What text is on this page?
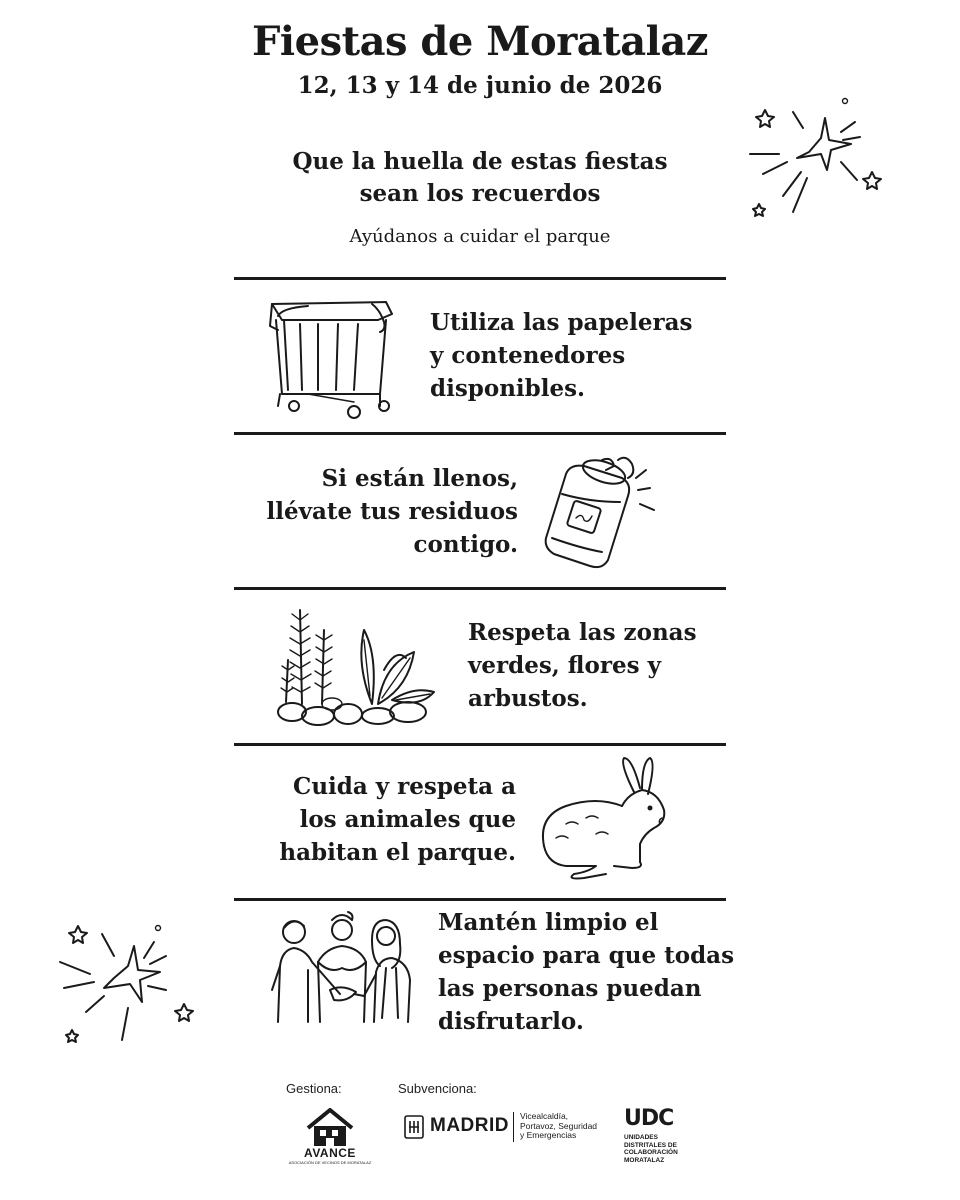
Fiestas de Moratalaz
12, 13 y 14 de junio de 2026
Que la huella de estas fiestas
sean los recuerdos
Ayúdanos a cuidar el parque
Utiliza las papeleras
y contenedores
disponibles.
Si están llenos,
llévate tus residuos
contigo.
Respeta las zonas
verdes, flores y
arbustos.
Cuida y respeta a
los animales que
habitan el parque.
Mantén limpio el
espacio para que todas
las personas puedan
disfrutarlo.
Gestiona:	Subvenciona:
AVANCE
ASOCIACIÓN DE VECINOS DE MORATALAZ
MADRID Vicealcaldía,
Portavoz, Seguridad
y Emergencias
UDC
UNIDADES
DISTRITALES DE
COLABORACIÓN
MORATALAZ
